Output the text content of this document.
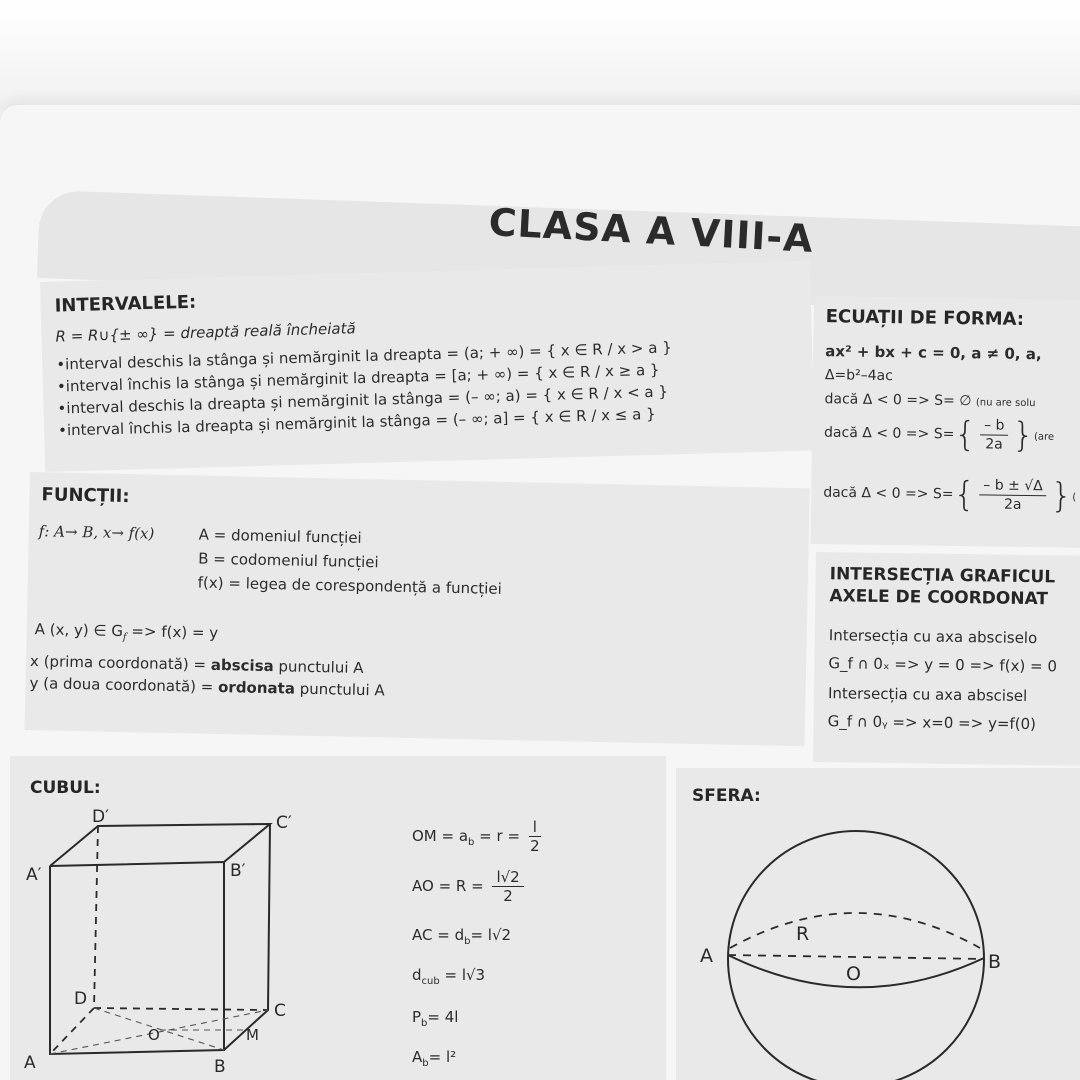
CLASA A VIII-A
INTERVALELE:
R = R∪{± ∞} = dreaptă reală încheiată
•interval deschis la stânga și nemărginit la dreapta = (a; + ∞) = { x ∈ R / x > a }
•interval închis la stânga și nemărginit la dreapta = [a; + ∞) = { x ∈ R / x ≥ a }
•interval deschis la dreapta și nemărginit la stânga = (– ∞; a) = { x ∈ R / x < a }
•interval închis la dreapta și nemărginit la stânga = (– ∞; a] = { x ∈ R / x ≤ a }
FUNCȚII:
f: A→ B, x→ f(x)	A = domeniul funcției
B = codomeniul funcției
f(x) = legea de corespondență a funcției
A (x, y) ∈ $G_f => f(x) = y$
x (prima coordonată) = abscisa punctului A
y (a doua coordonată) = ordonata punctului A
ECUAȚII DE FORMA:
ax² + bx + c = 0, a ≠ 0, a,
Δ=b²–4ac
dacă Δ < 0 => S= ∅ (nu are solu
dacă $\Delta < 0 => S=\{ \frac{- b}{2a} \}(are$
dacă $\Delta < 0 => S=\{ \frac{- b \pm √\Delta}{2a}$ }(
INTERSECȚIA GRAFICUL
AXELE DE COORDONAT
Intersecția cu axa absciselo
G_f ∩ 0ₓ => y = 0 => f(x) = 0
Intersecția cu axa abscisel
G_f ∩ 0ᵧ => x=0 => y=f(0)
CUBUL:
D′	C′
A′	B′
D
C
A	B
O	M
OM = $a_b = r = \frac{l}{2}$
AO = $R = \frac{l√2}{2}$
AC = $d_b= l√2$
$d_{cub} = l√3$
$P_b= 4l$
$A_b= l^2$
SFERA:
R
A	B
O
